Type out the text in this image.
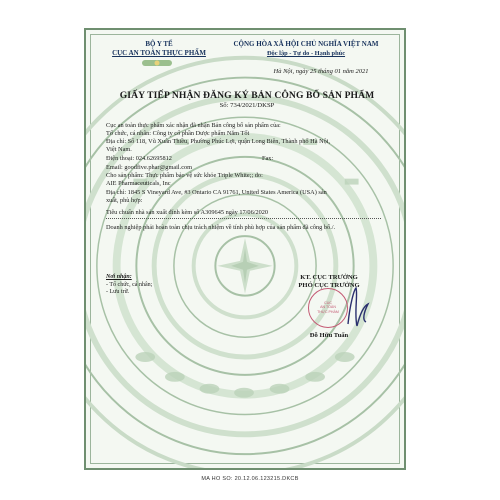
BỘ Y TẾ
CỤC AN TOÀN THỰC PHẨM
CỘNG HÒA XÃ HỘI CHỦ NGHĨA VIỆT NAM
Độc lập - Tự do - Hạnh phúc
Hà Nội, ngày 25 tháng 01 năm 2021
GIẤY TIẾP NHẬN ĐĂNG KÝ BẢN CÔNG BỐ SẢN PHẨM
Số: 734/2021/DKSP
Cục an toàn thực phẩm xác nhận đã nhận Bản công bố sản phẩm của:
Tổ chức, cá nhân: Công ty cổ phần Dược phẩm Năm Tốt
Địa chỉ: Số 118, Vũ Xuân Thiều, Phường Phúc Lợi, quận Long Biên, Thành phố Hà Nội,
Việt Nam.
Điện thoại: 024.62695812	Fax:
Email: goodfive.phar@gmail.com
Cho sản phẩm: Thực phẩm bảo vệ sức khỏe Triple White;; do:
AIE Pharmaceuticals, Inc
Địa chỉ: 1845 S Vineyard Ave, #3 Ontario CA 91761, United States America (USA) sản
xuất, phù hợp:
Tiêu chuẩn nhà sản xuất đính kèm số A309645 ngày 17/06/2020
Doanh nghiệp phải hoàn toàn chịu trách nhiệm về tính phù hợp của sản phẩm đã công bố./.
Nơi nhận:
- Tổ chức, cá nhân;
- Lưu trữ.
KT. CỤC TRƯỞNG
PHÓ CỤC TRƯỞNG
CỤC
AN TOÀN
THỰC PHẨM
Đỗ Hữu Tuấn
MA HO SO: 20.12.06.123215.DKCB
